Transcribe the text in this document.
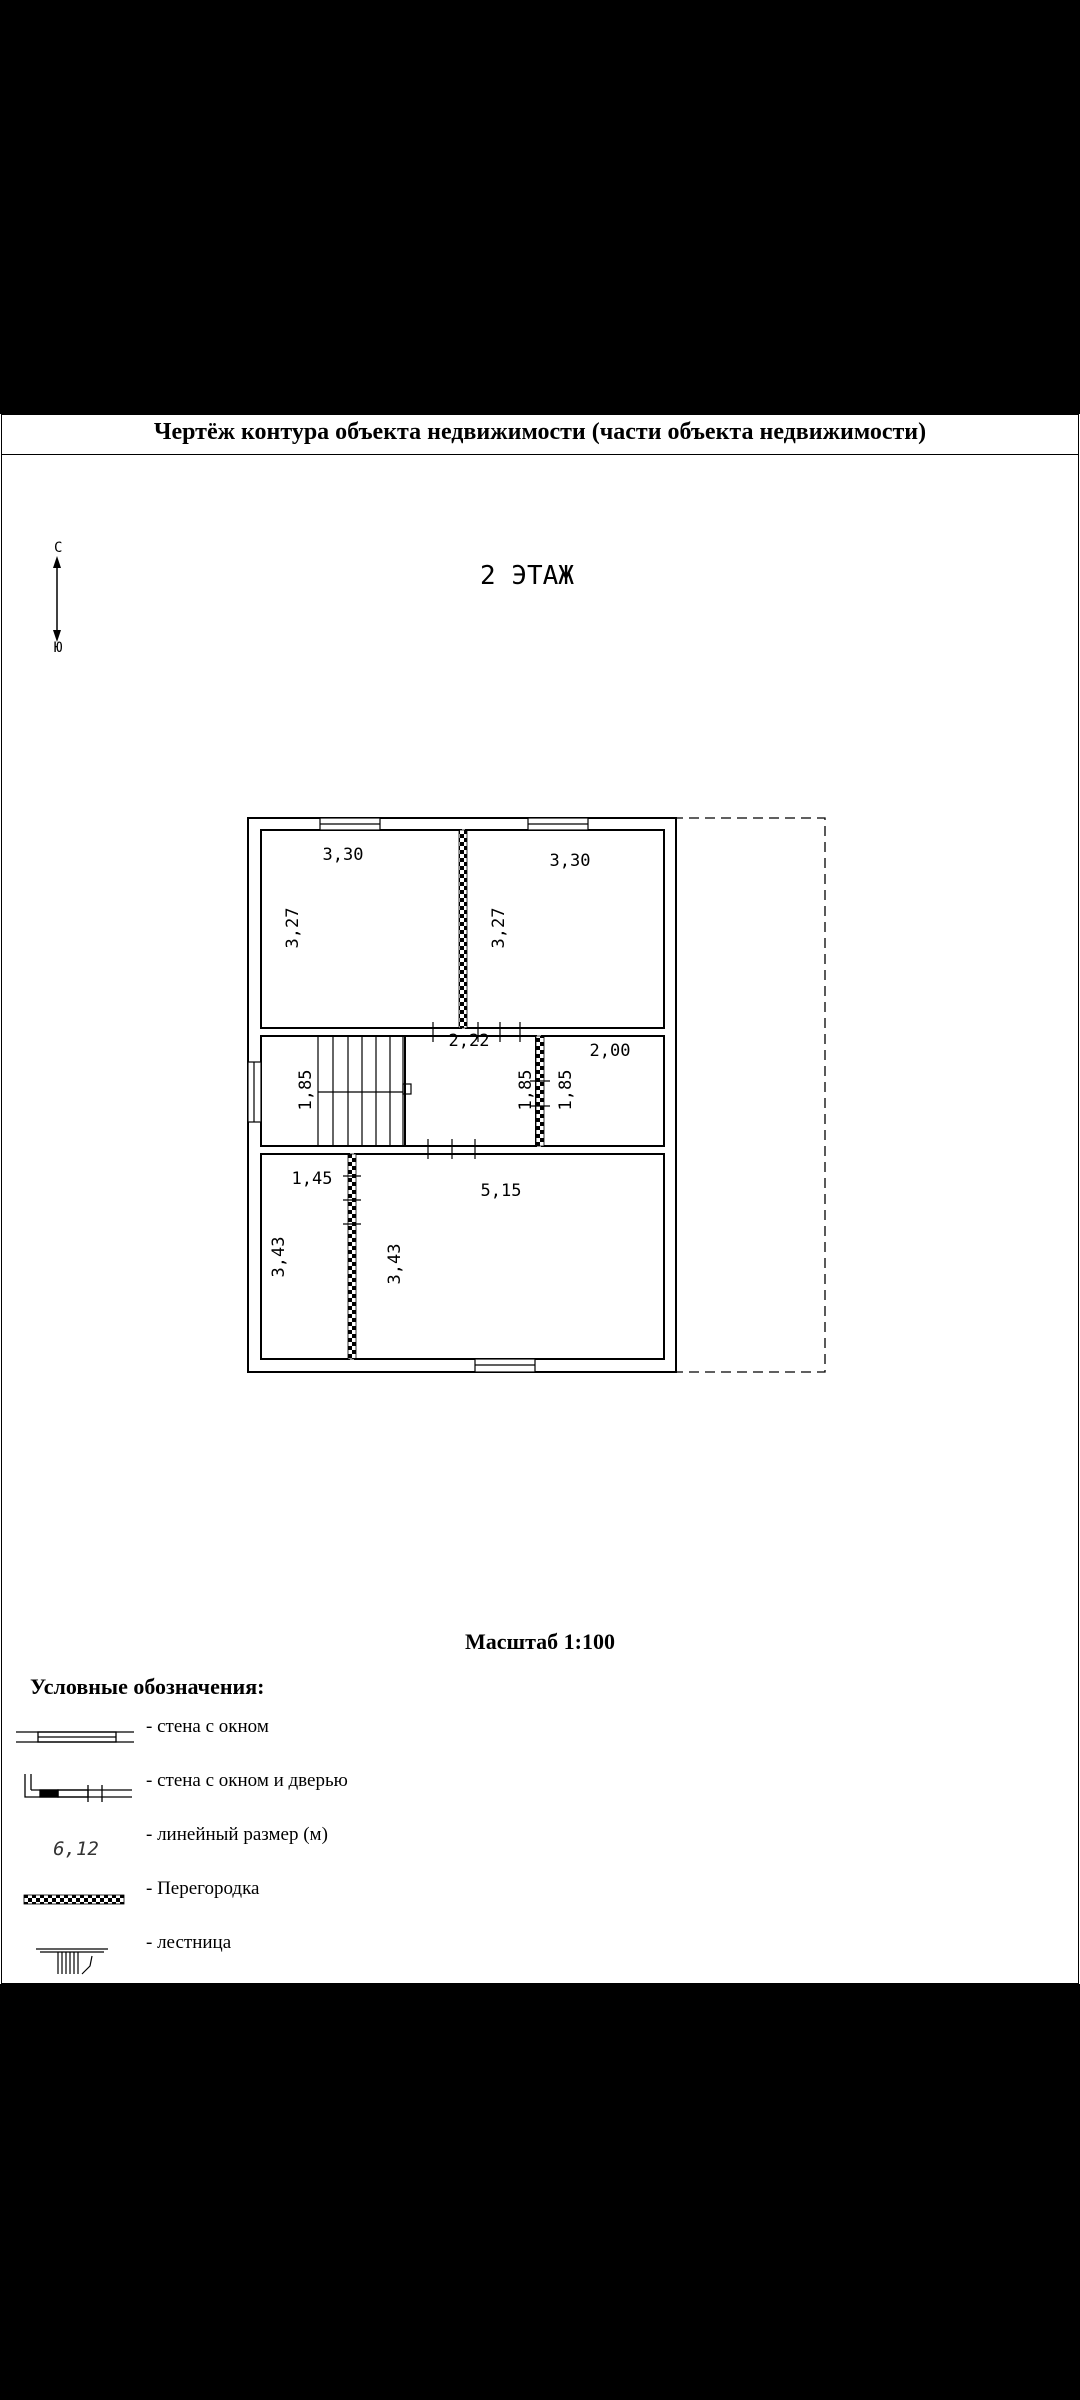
Чертёж контура объекта недвижимости (части объекта недвижимости)
С
Ю
2 ЭТАЖ
3,30
3,27
3,30
3,27
2,22
1,85	1,85 1,85
2,00
1,45
3,43
5,15
3,43
6,12
Масштаб 1:100
Условные обозначения:
- стена с окном
- стена с окном и дверью
- линейный размер (м)
- Перегородка
- лестница
